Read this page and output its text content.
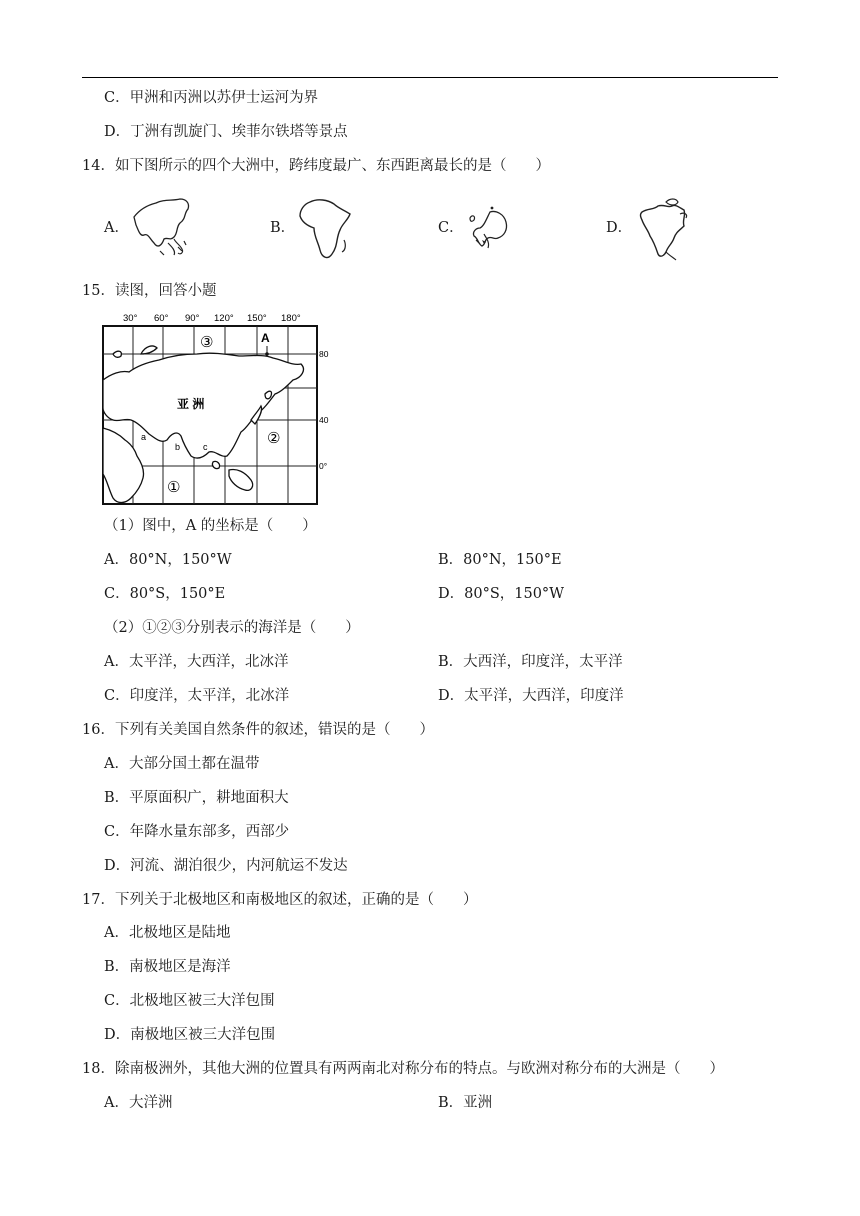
C．甲洲和丙洲以苏伊士运河为界
D．丁洲有凯旋门、埃菲尔铁塔等景点
14．如下图所示的四个大洲中，跨纬度最广、东西距离最长的是（　　）
A．	B．	C．	D．
15．读图，回答小题
30° 60° 90° 120° 150° 180°
80
40
0°
亚 洲
A
③
②
①
a
b	c
（1）图中，A 的坐标是（　　）
A．80°N，150°W	B．80°N，150°E
C．80°S，150°E	D．80°S，150°W
（2）①②③分别表示的海洋是（　　）
A．太平洋，大西洋，北冰洋	B．大西洋，印度洋，太平洋
C．印度洋，太平洋，北冰洋	D．太平洋，大西洋，印度洋
16．下列有关美国自然条件的叙述，错误的是（　　）
A．大部分国土都在温带
B．平原面积广，耕地面积大
C．年降水量东部多，西部少
D．河流、湖泊很少，内河航运不发达
17．下列关于北极地区和南极地区的叙述，正确的是（　　）
A．北极地区是陆地
B．南极地区是海洋
C．北极地区被三大洋包围
D．南极地区被三大洋包围
18．除南极洲外，其他大洲的位置具有两两南北对称分布的特点。与欧洲对称分布的大洲是（　　）
A．大洋洲	B．亚洲
